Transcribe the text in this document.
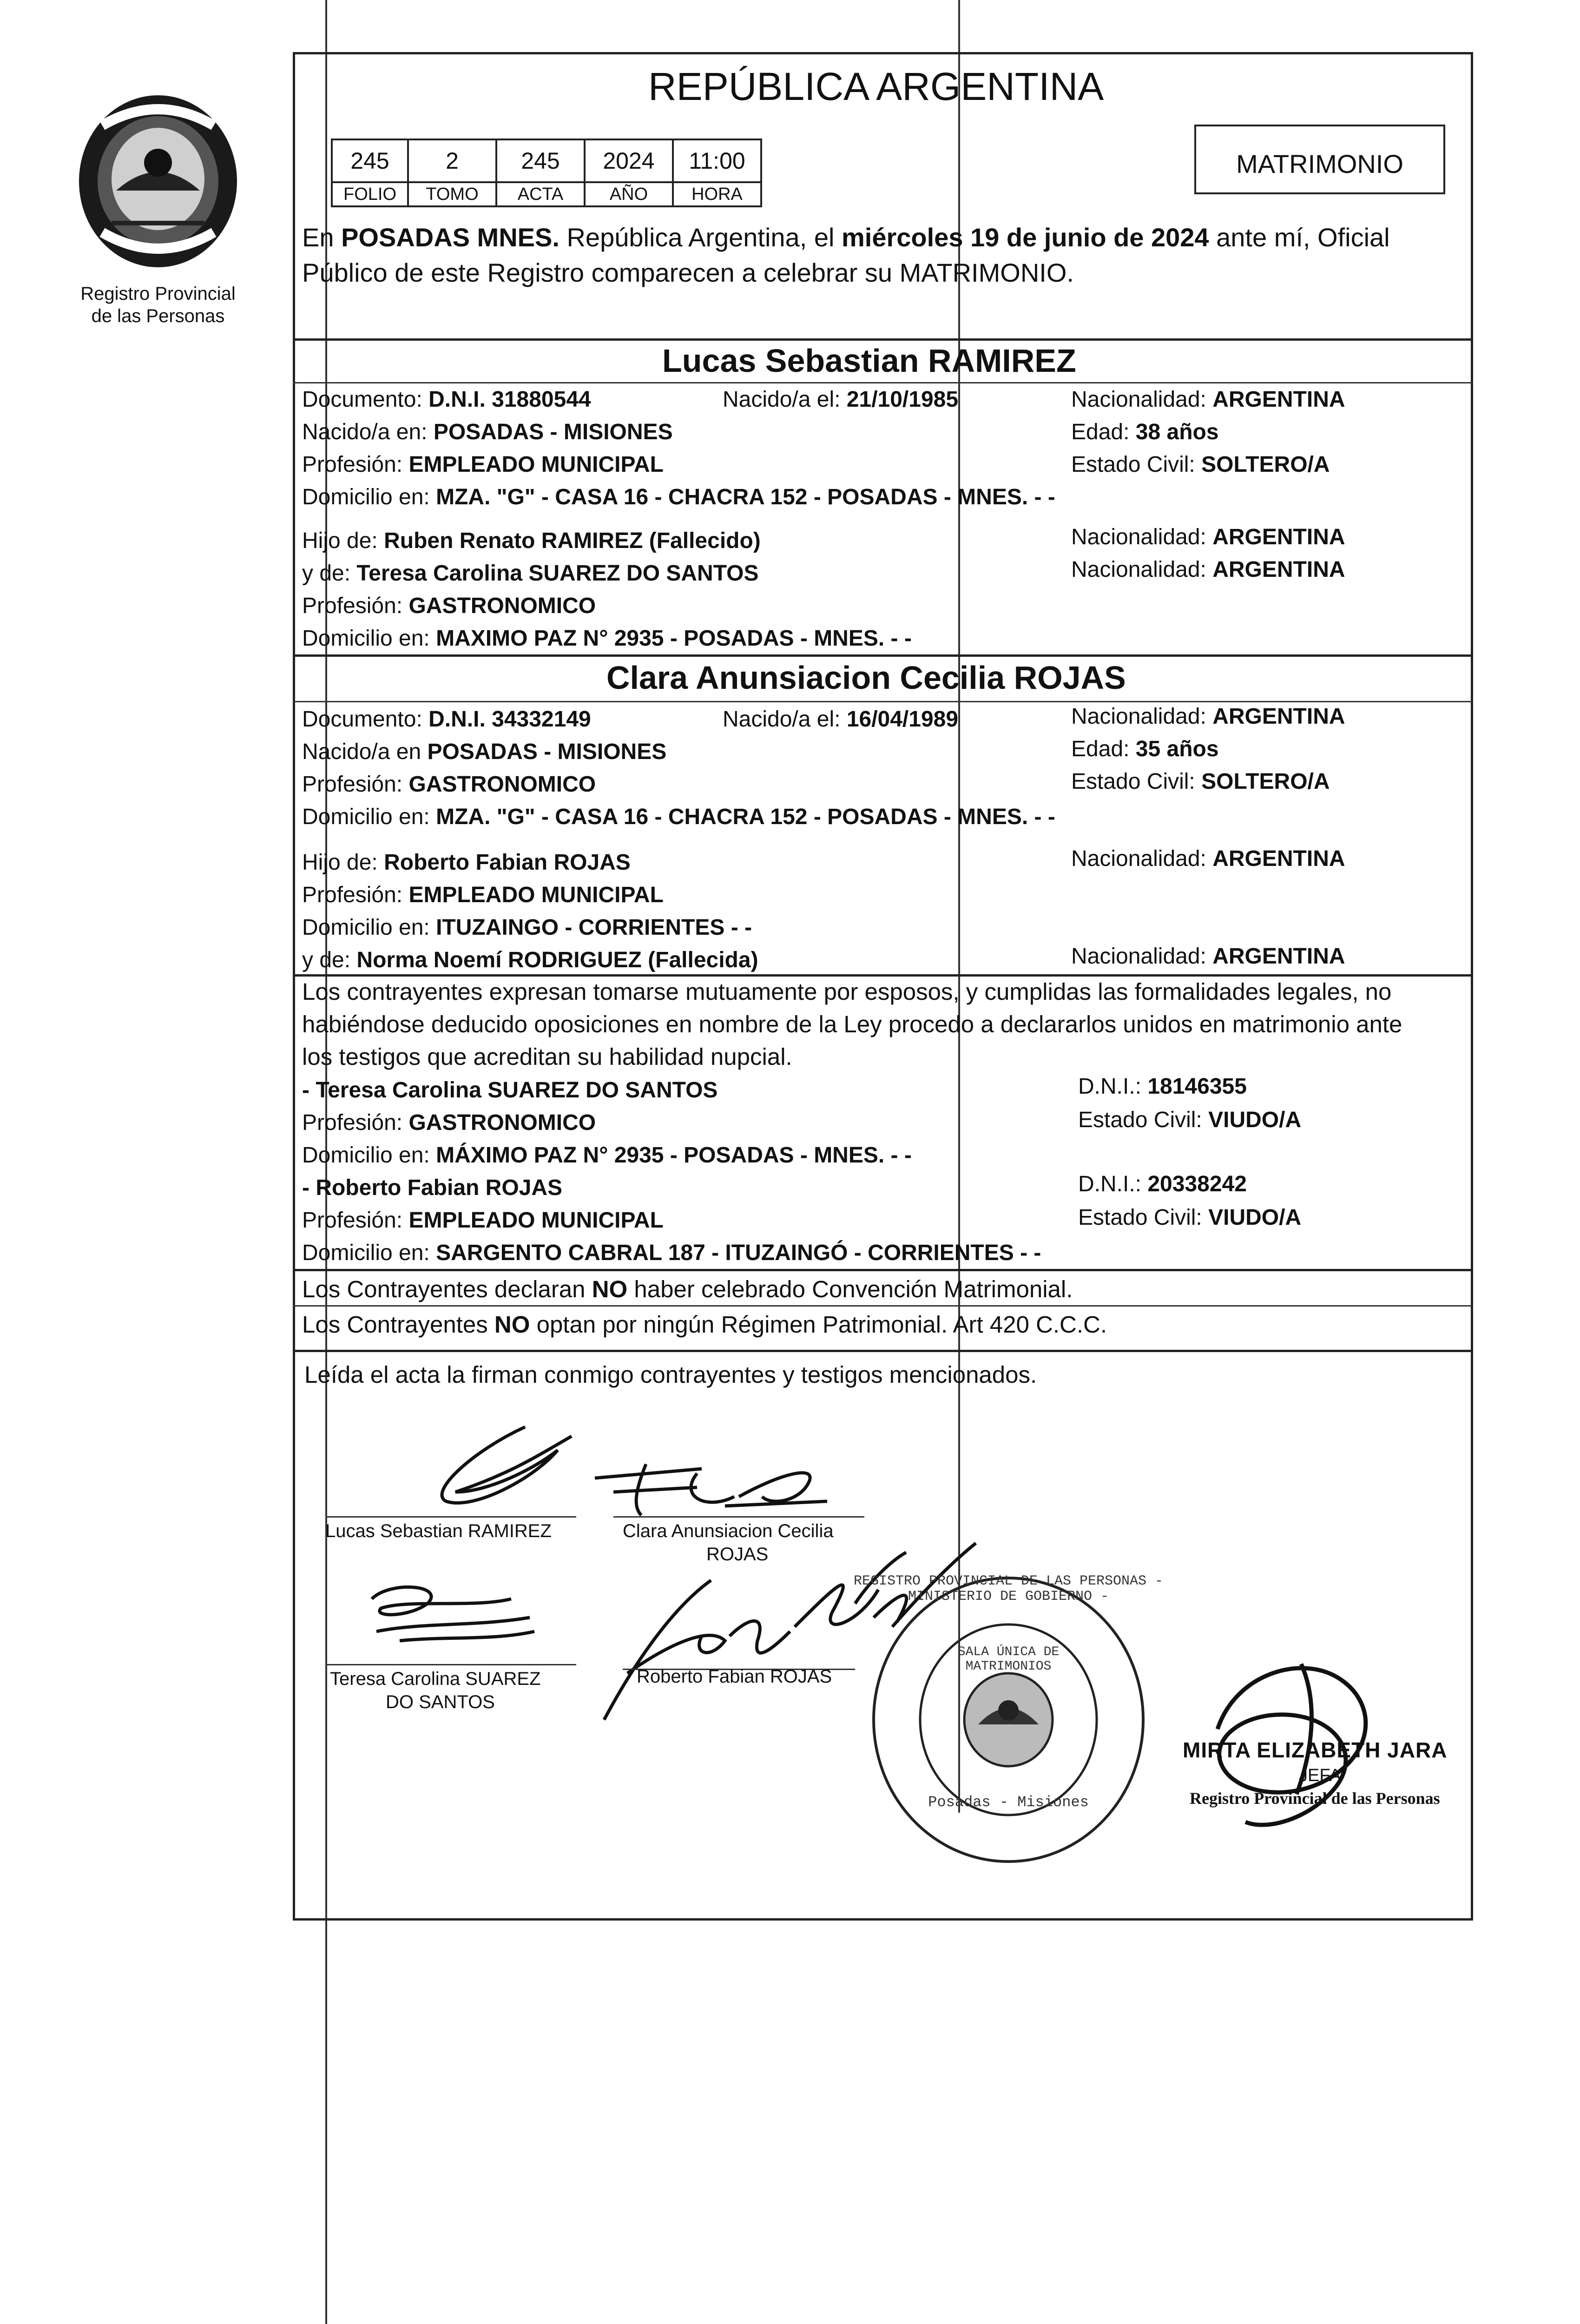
Registro Provincial
de las Personas
REPÚBLICA ARGENTINA
MATRIMONIO
245	2	245	2024	11:00
FOLIO	TOMO	ACTA	AÑO	HORA
En POSADAS MNES. República Argentina, el miércoles 19 de junio de 2024 ante mí, Oficial
Público de este Registro comparecen a celebrar su MATRIMONIO.
Lucas Sebastian RAMIREZ
Documento: D.N.I. 31880544	Nacido/a el: 21/10/1985	Nacionalidad: ARGENTINA
Nacido/a en: POSADAS - MISIONES	Edad: 38 años
Profesión: EMPLEADO MUNICIPAL	Estado Civil: SOLTERO/A
Domicilio en: MZA. "G" - CASA 16 - CHACRA 152 - POSADAS - MNES. - -
Hijo de: Ruben Renato RAMIREZ (Fallecido)	Nacionalidad: ARGENTINA
y de: Teresa Carolina SUAREZ DO SANTOS	Nacionalidad: ARGENTINA
Profesión: GASTRONOMICO
Domicilio en: MAXIMO PAZ N° 2935 - POSADAS - MNES. - -
Clara Anunsiacion Cecilia ROJAS
Documento: D.N.I. 34332149	Nacido/a el: 16/04/1989	Nacionalidad: ARGENTINA
Nacido/a en POSADAS - MISIONES	Edad: 35 años
Profesión: GASTRONOMICO	Estado Civil: SOLTERO/A
Domicilio en: MZA. "G" - CASA 16 - CHACRA 152 - POSADAS - MNES. - -
Hijo de: Roberto Fabian ROJAS	Nacionalidad: ARGENTINA
Profesión: EMPLEADO MUNICIPAL
Domicilio en: ITUZAINGO - CORRIENTES - -
y de: Norma Noemí RODRIGUEZ (Fallecida)	Nacionalidad: ARGENTINA
Los contrayentes expresan tomarse mutuamente por esposos, y cumplidas las formalidades legales, no
habiéndose deducido oposiciones en nombre de la Ley procedo a declararlos unidos en matrimonio ante
los testigos que acreditan su habilidad nupcial.
- Teresa Carolina SUAREZ DO SANTOS	D.N.I.: 18146355
Profesión: GASTRONOMICO	Estado Civil: VIUDO/A
Domicilio en: MÁXIMO PAZ N° 2935 - POSADAS - MNES. - -
- Roberto Fabian ROJAS	D.N.I.: 20338242
Profesión: EMPLEADO MUNICIPAL	Estado Civil: VIUDO/A
Domicilio en: SARGENTO CABRAL 187 - ITUZAINGÓ - CORRIENTES - -
Los Contrayentes declaran NO haber celebrado Convención Matrimonial.
Los Contrayentes NO optan por ningún Régimen Patrimonial. Art 420 C.C.C.
Leída el acta la firman conmigo contrayentes y testigos mencionados.
Lucas Sebastian RAMIREZ	Clara Anunsiacion Cecilia
ROJAS
Teresa Carolina SUAREZ
DO SANTOS
Roberto Fabian ROJAS
REGISTRO PROVINCIAL DE LAS PERSONAS - MINISTERIO DE GOBIERNO -
SALA ÚNICA DE MATRIMONIOS
Posadas - Misiones
MIRTA ELIZABETH JARA
JEFA
Registro Provincial de las Personas
